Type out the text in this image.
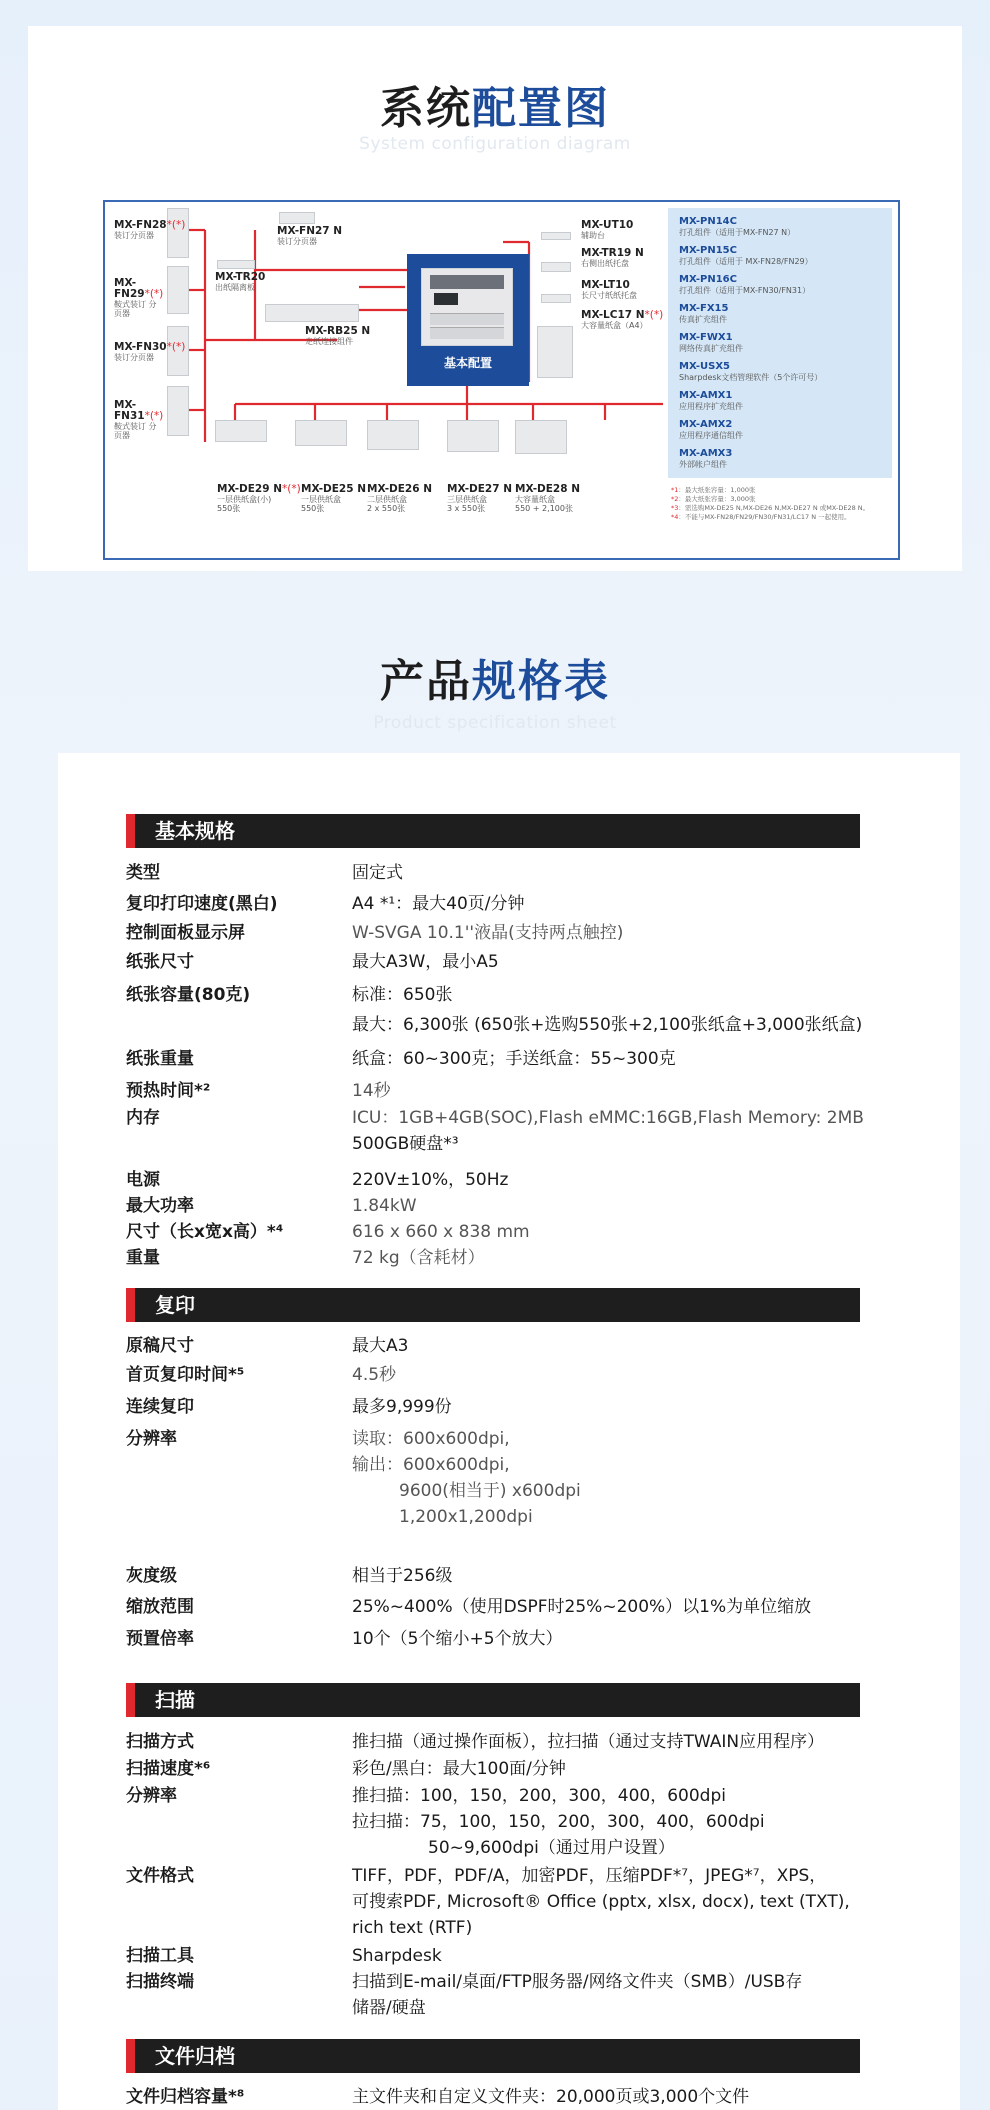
系统配置图
System configuration diagram
MX-FN28*(*)
装订分页器
MX-FN29*(*)
鞍式装订 分页器
MX-FN30*(*)
装订分页器
MX-FN31*(*)
鞍式装订 分页器
MX-FN27 N
装订分页器
MX-TR20
出纸隔离板
MX-RB25 N
走纸连接组件
基本配置
MX-UT10
辅助台
MX-TR19 N
右侧出纸托盘
MX-LT10
长尺寸纸纸托盘
MX-LC17 N*(*)
大容量纸盒（A4）
MX-DE29 N*(*)
一层供纸盒(小)
550张
MX-DE25 N
一层供纸盒
550张
MX-DE26 N
二层供纸盒
2 x 550张
MX-DE27 N
三层供纸盒
3 x 550张
MX-DE28 N
大容量纸盒
550 + 2,100张
MX-PN14C
打孔组件（适用于MX-FN27 N）
MX-PN15C
打孔组件（适用于 MX-FN28/FN29）
MX-PN16C
打孔组件（适用于MX-FN30/FN31）
MX-FX15
传真扩充组件
MX-FWX1
网络传真扩充组件
MX-USX5
Sharpdesk文档管理软件（5个许可号）
MX-AMX1
应用程序扩充组件
MX-AMX2
应用程序通信组件
MX-AMX3
外部帐户组件
*1：最大纸张容量：1,000张
*2：最大纸张容量：3,000张
*3：需选购MX-DE25 N,MX-DE26 N,MX-DE27 N 或MX-DE28 N。
*4：不能与MX-FN28/FN29/FN30/FN31/LC17 N 一起使用。
产品规格表
Product specification sheet
基本规格
类型	固定式
复印打印速度(黑白)	A4 *¹：最大40页/分钟
控制面板显示屏	W-SVGA 10.1''液晶(支持两点触控)
纸张尺寸	最大A3W，最小A5
纸张容量(80克)	标准：650张
最大：6,300张 (650张+选购550张+2,100张纸盒+3,000张纸盒)
纸张重量	纸盒：60~300克；手送纸盒：55~300克
预热时间*²	14秒
内存	ICU：1GB+4GB(SOC),Flash eMMC:16GB,Flash Memory: 2MB
500GB硬盘*³
电源	220V±10%，50Hz
最大功率	1.84kW
尺寸（长x宽x高）*⁴	616 x 660 x 838 mm
重量	72 kg（含耗材）
复印
原稿尺寸	最大A3
首页复印时间*⁵	4.5秒
连续复印	最多9,999份
分辨率	读取：600x600dpi,
输出：600x600dpi,
9600(相当于) x600dpi
1,200x1,200dpi
灰度级	相当于256级
缩放范围	25%~400%（使用DSPF时25%~200%）以1%为单位缩放
预置倍率	10个（5个缩小+5个放大）
扫描
扫描方式	推扫描（通过操作面板），拉扫描（通过支持TWAIN应用程序）
扫描速度*⁶	彩色/黑白：最大100面/分钟
分辨率	推扫描：100，150，200，300，400，600dpi
拉扫描：75，100，150，200，300，400，600dpi
50~9,600dpi（通过用户设置）
文件格式	TIFF，PDF，PDF/A，加密PDF，压缩PDF*⁷，JPEG*⁷，XPS，
可搜索PDF, Microsoft® Office (pptx, xlsx, docx), text (TXT),
rich text (RTF)
扫描工具	Sharpdesk
扫描终端	扫描到E-mail/桌面/FTP服务器/网络文件夹（SMB）/USB存
储器/硬盘
文件归档
文件归档容量*⁸	主文件夹和自定义文件夹：20,000页或3,000个文件
